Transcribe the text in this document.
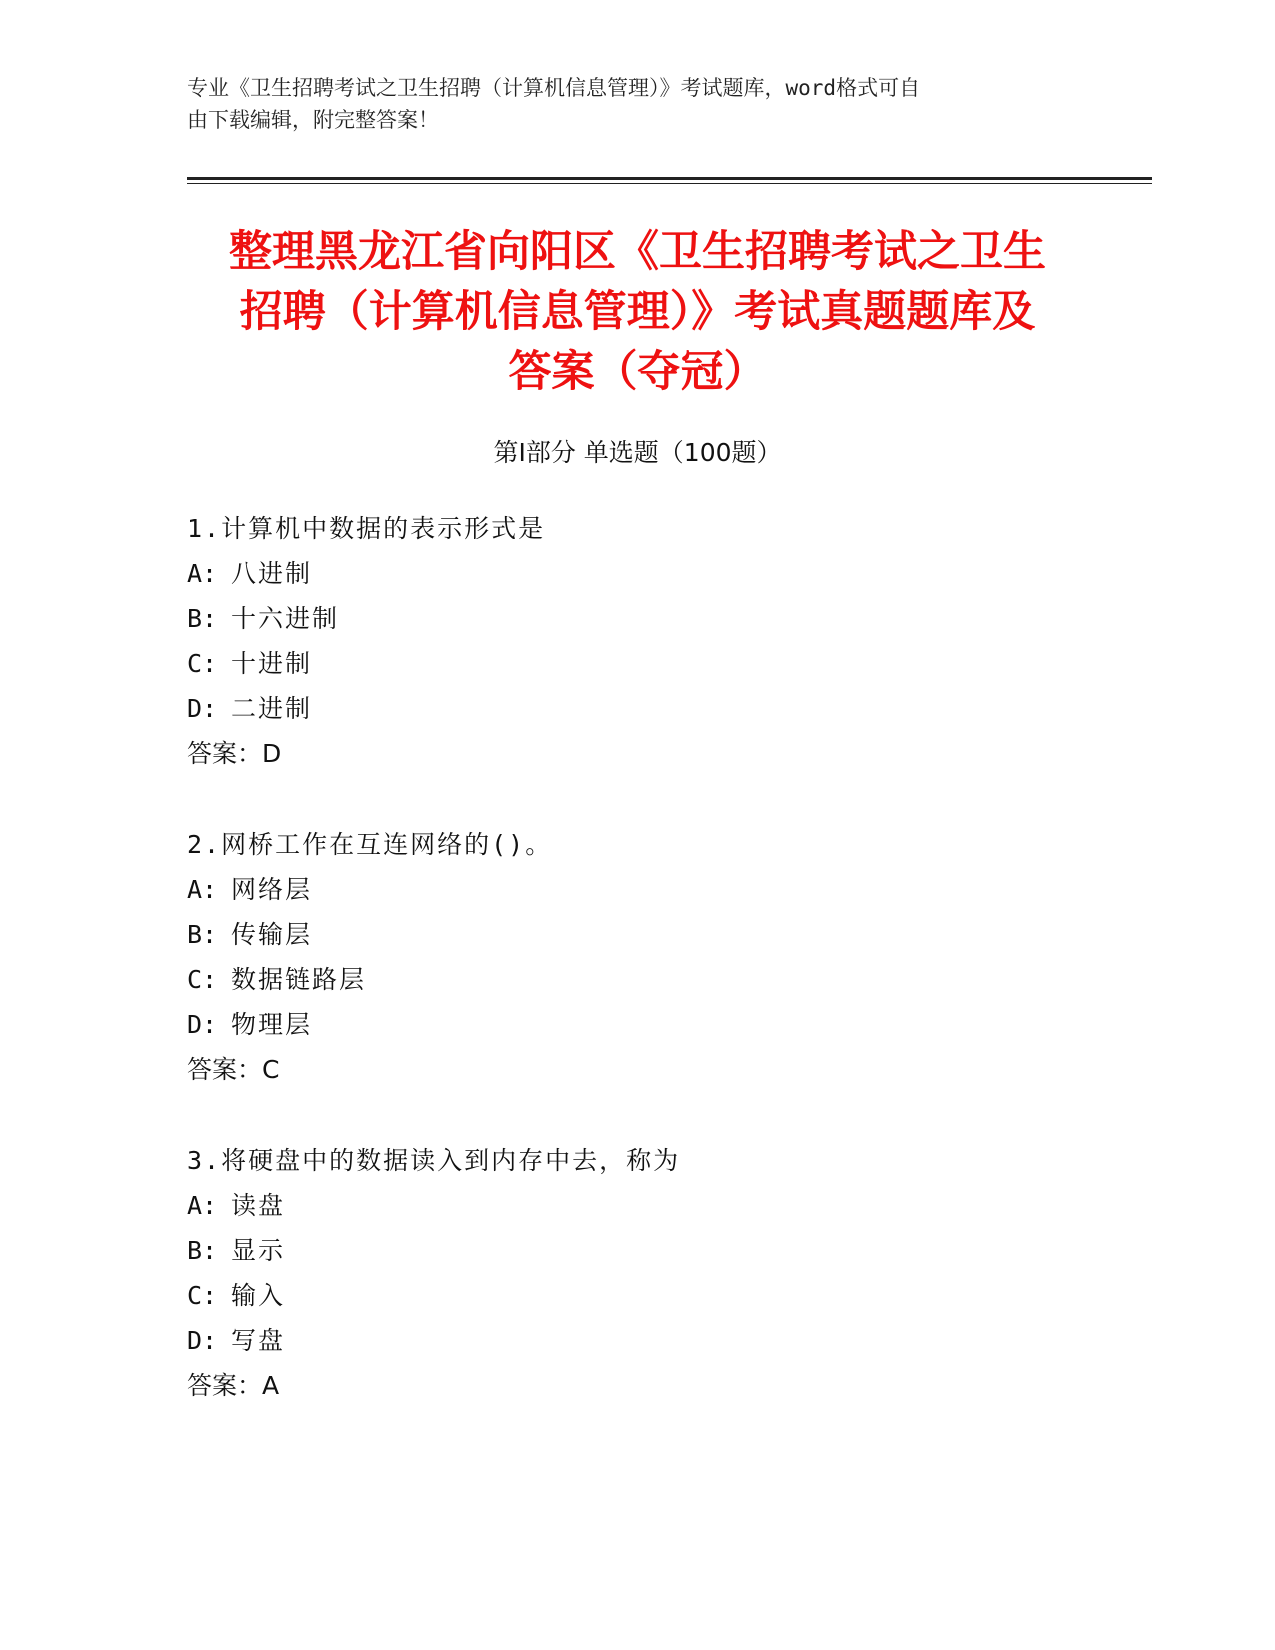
专业《卫生招聘考试之卫生招聘（计算机信息管理）》考试题库，word格式可自
由下载编辑，附完整答案！
整理黑龙江省向阳区《卫生招聘考试之卫生
招聘（计算机信息管理）》考试真题题库及
答案（夺冠）
第Ⅰ部分 单选题（100题）
1.计算机中数据的表示形式是
A: 八进制
B: 十六进制
C: 十进制
D: 二进制
答案：D
2.网桥工作在互连网络的()。
A: 网络层
B: 传输层
C: 数据链路层
D: 物理层
答案：C
3.将硬盘中的数据读入到内存中去，称为
A: 读盘
B: 显示
C: 输入
D: 写盘
答案：A
